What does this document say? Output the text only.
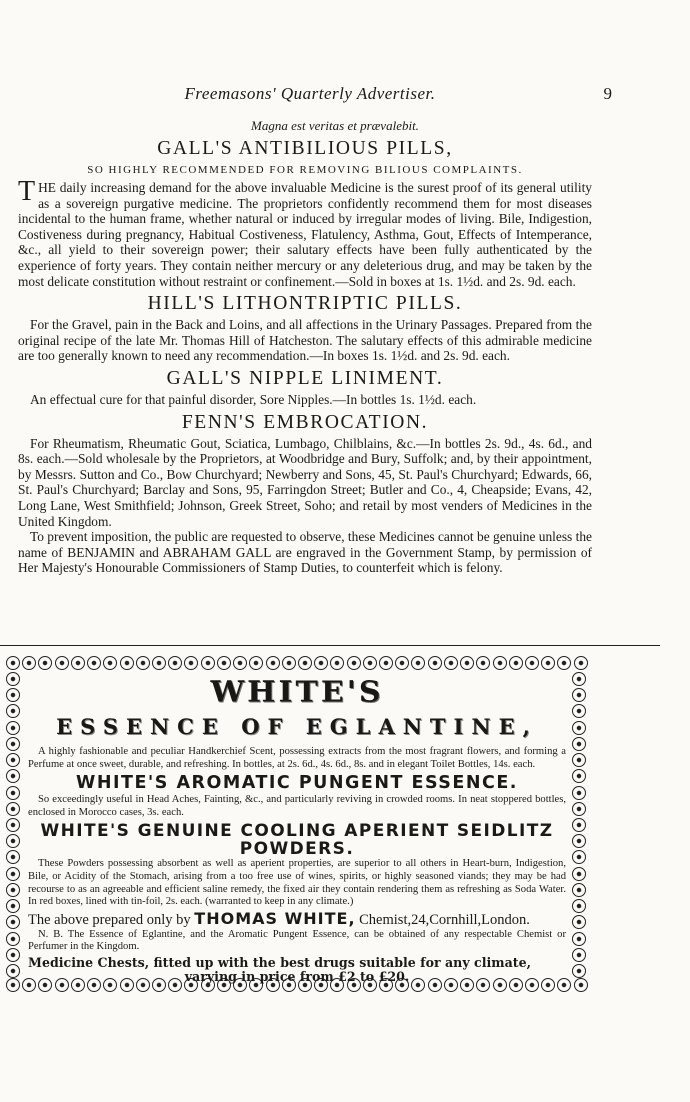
Freemasons' Quarterly Advertiser.	9
Magna est veritas et prævalebit.
GALL'S ANTIBILIOUS PILLS,
SO HIGHLY RECOMMENDED FOR REMOVING BILIOUS COMPLAINTS.

THE daily increasing demand for the above invaluable Medicine is the surest proof of its general utility as a sovereign purgative medicine. The proprietors confidently recommend them for most diseases incidental to the human frame, whether natural or induced by irregular modes of living. Bile, Indigestion, Costiveness during pregnancy, Habitual Costiveness, Flatulency, Asthma, Gout, Effects of Intemperance, &c., all yield to their sovereign power; their salutary effects have been fully authenticated by the experience of forty years. They contain neither mercury or any deleterious drug, and may be taken by the most delicate constitution without restraint or confinement.—Sold in boxes at 1s. 1½d. and 2s. 9d. each.

HILL'S LITHONTRIPTIC PILLS.

For the Gravel, pain in the Back and Loins, and all affections in the Urinary Passages. Prepared from the original recipe of the late Mr. Thomas Hill of Hatcheston. The salutary effects of this admirable medicine are too generally known to need any recommendation.—In boxes 1s. 1½d. and 2s. 9d. each.

GALL'S NIPPLE LINIMENT.

An effectual cure for that painful disorder, Sore Nipples.—In bottles 1s. 1½d. each.

FENN'S EMBROCATION.

For Rheumatism, Rheumatic Gout, Sciatica, Lumbago, Chilblains, &c.—In bottles 2s. 9d., 4s. 6d., and 8s. each.—Sold wholesale by the Proprietors, at Woodbridge and Bury, Suffolk; and, by their appointment, by Messrs. Sutton and Co., Bow Churchyard; Newberry and Sons, 45, St. Paul's Churchyard; Edwards, 66, St. Paul's Churchyard; Barclay and Sons, 95, Farringdon Street; Butler and Co., 4, Cheapside; Evans, 42, Long Lane, West Smithfield; Johnson, Greek Street, Soho; and retail by most venders of Medicines in the United Kingdom.

To prevent imposition, the public are requested to observe, these Medicines cannot be genuine unless the name of BENJAMIN and ABRAHAM GALL are engraved in the Government Stamp, by permission of Her Majesty's Honourable Commissioners of Stamp Duties, to counterfeit which is felony.

WHITE'S
ESSENCE OF EGLANTINE,

A highly fashionable and peculiar Handkerchief Scent, possessing extracts from the most fragrant flowers, and forming a Perfume at once sweet, durable, and refreshing. In bottles, at 2s. 6d., 4s. 6d., 8s. and in elegant Toilet Bottles, 14s. each.

WHITE'S AROMATIC PUNGENT ESSENCE.

So exceedingly useful in Head Aches, Fainting, &c., and particularly reviving in crowded rooms. In neat stoppered bottles, enclosed in Morocco cases, 3s. each.

WHITE'S GENUINE COOLING APERIENT SEIDLITZ POWDERS.

These Powders possessing absorbent as well as aperient properties, are superior to all others in Heart-burn, Indigestion, Bile, or Acidity of the Stomach, arising from a too free use of wines, spirits, or highly seasoned viands; they may be had recourse to as an agreeable and efficient saline remedy, the fixed air they contain rendering them as refreshing as Soda Water. In red boxes, lined with tin-foil, 2s. each. (warranted to keep in any climate.)

The above prepared only by THOMAS WHITE, Chemist,24,Cornhill,London.

N. B. The Essence of Eglantine, and the Aromatic Pungent Essence, can be obtained of any respectable Chemist or Perfumer in the Kingdom.

Medicine Chests, fitted up with the best drugs suitable for any climate,
varying in price from £2 to £20.
